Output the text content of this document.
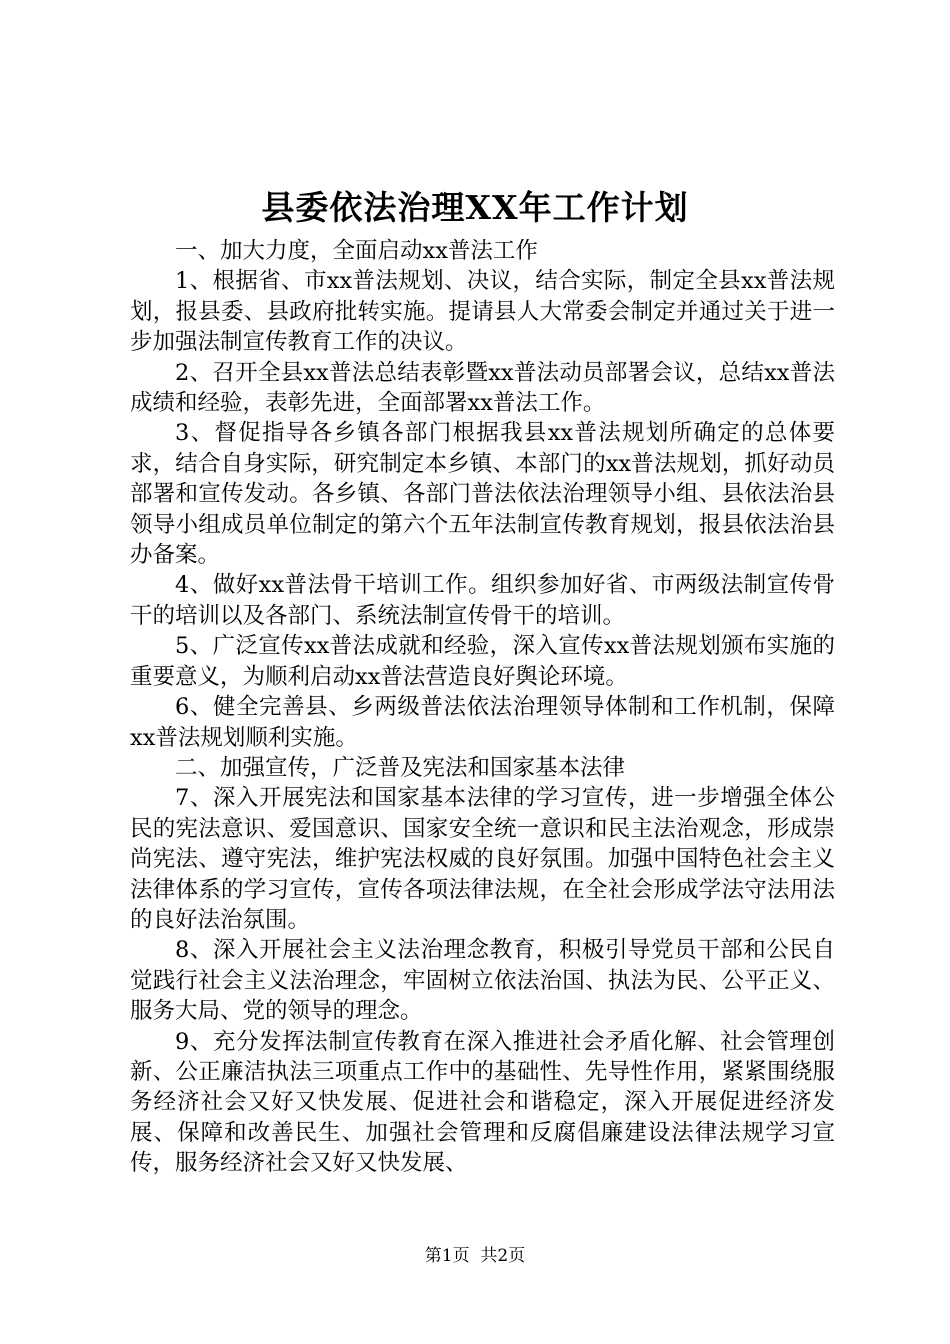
县委依法治理XX年工作计划

一、加大力度，全面启动xx普法工作

1、根据省、市xx普法规划、决议，结合实际，制定全县xx普法规划，报县委、县政府批转实施。提请县人大常委会制定并通过关于进一步加强法制宣传教育工作的决议。

2、召开全县xx普法总结表彰暨xx普法动员部署会议，总结xx普法成绩和经验，表彰先进，全面部署xx普法工作。

3、督促指导各乡镇各部门根据我县xx普法规划所确定的总体要求，结合自身实际，研究制定本乡镇、本部门的xx普法规划，抓好动员部署和宣传发动。各乡镇、各部门普法依法治理领导小组、县依法治县领导小组成员单位制定的第六个五年法制宣传教育规划，报县依法治县办备案。

4、做好xx普法骨干培训工作。组织参加好省、市两级法制宣传骨干的培训以及各部门、系统法制宣传骨干的培训。

5、广泛宣传xx普法成就和经验，深入宣传xx普法规划颁布实施的重要意义，为顺利启动xx普法营造良好舆论环境。

6、健全完善县、乡两级普法依法治理领导体制和工作机制，保障xx普法规划顺利实施。

二、加强宣传，广泛普及宪法和国家基本法律

7、深入开展宪法和国家基本法律的学习宣传，进一步增强全体公民的宪法意识、爱国意识、国家安全统一意识和民主法治观念，形成崇尚宪法、遵守宪法，维护宪法权威的良好氛围。加强中国特色社会主义法律体系的学习宣传，宣传各项法律法规，在全社会形成学法守法用法的良好法治氛围。

8、深入开展社会主义法治理念教育，积极引导党员干部和公民自觉践行社会主义法治理念，牢固树立依法治国、执法为民、公平正义、服务大局、党的领导的理念。

9、充分发挥法制宣传教育在深入推进社会矛盾化解、社会管理创新、公正廉洁执法三项重点工作中的基础性、先导性作用，紧紧围绕服务经济社会又好又快发展、促进社会和谐稳定，深入开展促进经济发展、保障和改善民生、加强社会管理和反腐倡廉建设法律法规学习宣传，服务经济社会又好又快发展、

第1页  共2页
